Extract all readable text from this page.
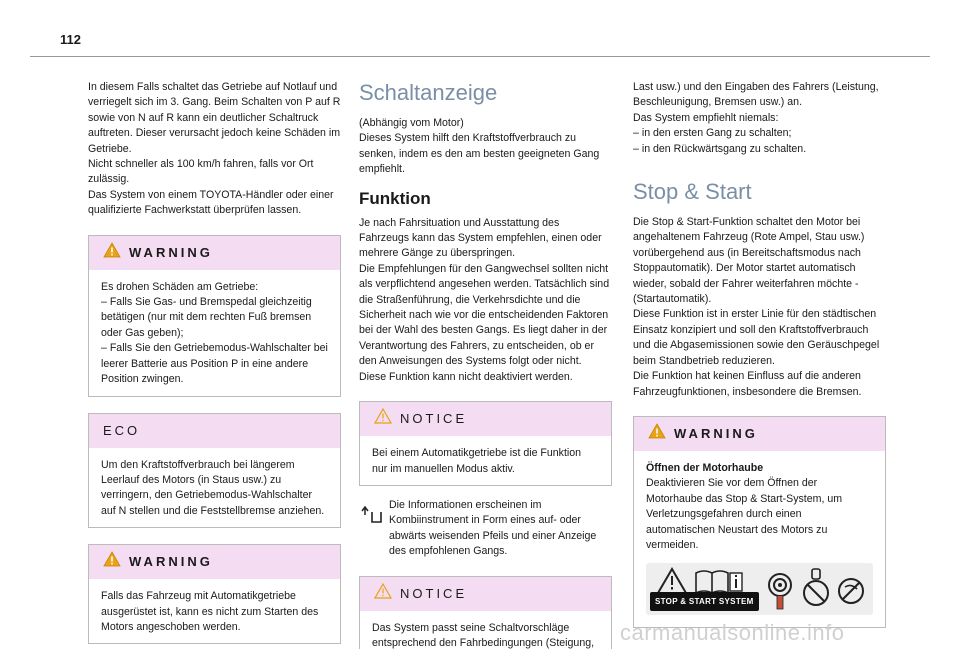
112
In diesem Falls schaltet das Getriebe auf Notlauf und verriegelt sich im 3. Gang. Beim Schalten von P auf R sowie von N auf R kann ein deutlicher Schaltruck auftreten. Dieser verursacht jedoch keine Schäden im Getriebe.
Nicht schneller als 100 km/h fahren, falls vor Ort zulässig.
Das System von einem TOYOTA-Händler oder einer qualifizierte Fachwerkstatt überprüfen lassen.
WARNING
Es drohen Schäden am Getriebe:
– Falls Sie Gas- und Bremspedal gleichzeitig betätigen (nur mit dem rechten Fuß bremsen oder Gas geben);
– Falls Sie den Getriebemodus-Wahlschalter bei leerer Batterie aus Position P in eine andere Position zwingen.
ECO
Um den Kraftstoffverbrauch bei längerem Leerlauf des Motors (in Staus usw.) zu verringern, den Getriebemodus-Wahlschalter auf N stellen und die Feststellbremse anziehen.
WARNING
Falls das Fahrzeug mit Automatikgetriebe ausgerüstet ist, kann es nicht zum Starten des Motors angeschoben werden.
Schaltanzeige
(Abhängig vom Motor)
Dieses System hilft den Kraftstoffverbrauch zu senken, indem es den am besten geeigneten Gang empfiehlt.
Funktion
Je nach Fahrsituation und Ausstattung des Fahrzeugs kann das System empfehlen, einen oder mehrere Gänge zu überspringen.
Die Empfehlungen für den Gangwechsel sollten nicht als verpflichtend angesehen werden. Tatsächlich sind die Straßenführung, die Verkehrsdichte und die Sicherheit nach wie vor die entscheidenden Faktoren bei der Wahl des besten Gangs. Es liegt daher in der Verantwortung des Fahrers, zu entscheiden, ob er den Anweisungen des Systems folgt oder nicht.
Diese Funktion kann nicht deaktiviert werden.
NOTICE
Bei einem Automatikgetriebe ist die Funktion nur im manuellen Modus aktiv.
Die Informationen erscheinen im Kombiinstrument in Form eines auf- oder abwärts weisenden Pfeils und einer Anzeige des empfohlenen Gangs.
NOTICE
Das System passt seine Schaltvorschläge entsprechend den Fahrbedingungen (Steigung,
Last usw.) und den Eingaben des Fahrers (Leistung, Beschleunigung, Bremsen usw.) an.
Das System empfiehlt niemals:
– in den ersten Gang zu schalten;
– in den Rückwärtsgang zu schalten.
Stop & Start
Die Stop & Start-Funktion schaltet den Motor bei angehaltenem Fahrzeug (Rote Ampel, Stau usw.) vorübergehend aus (in Bereitschaftsmodus nach Stoppautomatik). Der Motor startet automatisch wieder, sobald der Fahrer weiterfahren möchte - (Startautomatik).
Diese Funktion ist in erster Linie für den städtischen Einsatz konzipiert und soll den Kraftstoffverbrauch und die Abgasemissionen sowie den Geräuschpegel beim Standbetrieb reduzieren.
Die Funktion hat keinen Einfluss auf die anderen Fahrzeugfunktionen, insbesondere die Bremsen.
WARNING
Öffnen der Motorhaube
Deaktivieren Sie vor dem Öffnen der Motorhaube das Stop & Start-System, um Verletzungsgefahren durch einen automatischen Neustart des Motors zu vermeiden.
STOP & START SYSTEM
carmanualsonline.info
